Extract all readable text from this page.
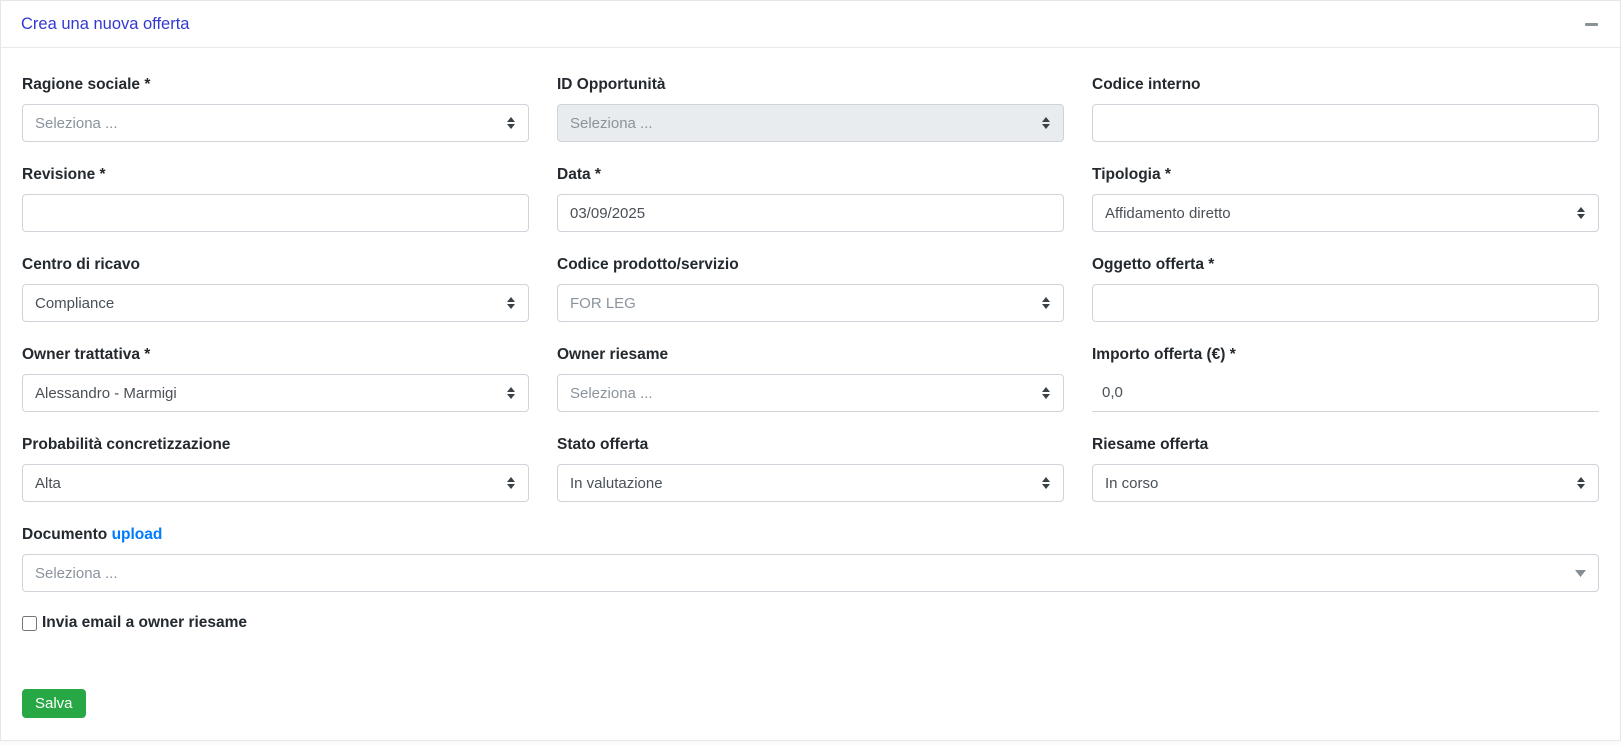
Crea una nuova offerta
Ragione sociale *
Seleziona ...
ID Opportunità
Seleziona ...
Codice interno
Revisione *	Data *
03/09/2025	Tipologia *
Affidamento diretto
Centro di ricavo
Compliance
Codice prodotto/servizio
FOR LEG
Oggetto offerta *
Owner trattativa *
Alessandro - Marmigi
Owner riesame
Seleziona ...
Importo offerta (€) *
0,0
Probabilità concretizzazione
Alta
Stato offerta
In valutazione
Riesame offerta
In corso
Documento upload
Seleziona ...
Invia email a owner riesame
Salva
